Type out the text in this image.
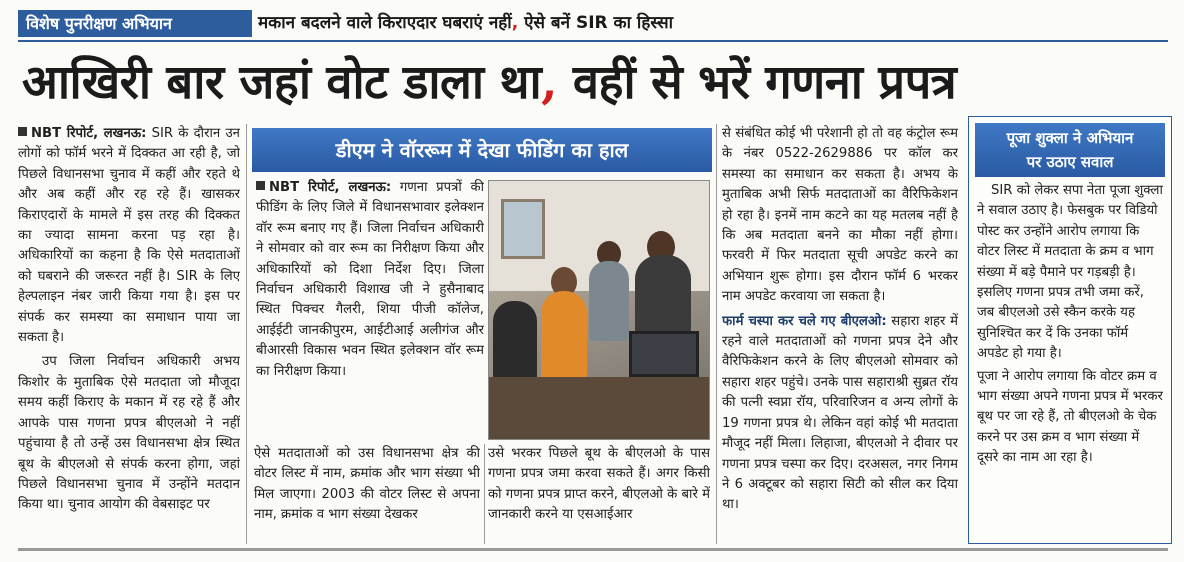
विशेष पुनरीक्षण अभियान	मकान बदलने वाले किराएदार घबराएं नहीं, ऐसे बनें SIR का हिस्सा
आखिरी बार जहां वोट डाला था, वहीं से भरें गणना प्रपत्र

NBT रिपोर्ट, लखनऊ: SIR के दौरान उन लोगों को फॉर्म भरने में दिक्कत आ रही है, जो पिछले विधानसभा चुनाव में कहीं और रहते थे और अब कहीं और रह रहे हैं। खासकर किराएदारों के मामले में इस तरह की दिक्कत का ज्यादा सामना करना पड़ रहा है। अधिकारियों का कहना है कि ऐसे मतदाताओं को घबराने की जरूरत नहीं है। SIR के लिए हेल्पलाइन नंबर जारी किया गया है। इस पर संपर्क कर समस्या का समाधान पाया जा सकता है।

उप जिला निर्वाचन अधिकारी अभय किशोर के मुताबिक ऐसे मतदाता जो मौजूदा समय कहीं किराए के मकान में रह रहे हैं और आपके पास गणना प्रपत्र बीएलओ ने नहीं पहुंचाया है तो उन्हें उस विधानसभा क्षेत्र स्थित बूथ के बीएलओ से संपर्क करना होगा, जहां पिछले विधानसभा चुनाव में उन्होंने मतदान किया था। चुनाव आयोग की वेबसाइट पर

डीएम ने वॉररूम में देखा फीडिंग का हाल

NBT रिपोर्ट, लखनऊ: गणना प्रपत्रों की फीडिंग के लिए जिले में विधानसभावार इलेक्शन वॉर रूम बनाए गए हैं। जिला निर्वाचन अधिकारी ने सोमवार को वार रूम का निरीक्षण किया और अधिकारियों को दिशा निर्देश दिए। जिला निर्वाचन अधिकारी विशाख जी ने हुसैनाबाद स्थित पिक्चर गैलरी, शिया पीजी कॉलेज, आईईटी जानकीपुरम, आईटीआई अलीगंज और बीआरसी विकास भवन स्थित इलेक्शन वॉर रूम का निरीक्षण किया।

ऐसे मतदाताओं को उस विधानसभा क्षेत्र की वोटर लिस्ट में नाम, क्रमांक और भाग संख्या भी मिल जाएगा। 2003 की वोटर लिस्ट से अपना नाम, क्रमांक व भाग संख्या देखकर

उसे भरकर पिछले बूथ के बीएलओ के पास गणना प्रपत्र जमा करवा सकते हैं। अगर किसी को गणना प्रपत्र प्राप्त करने, बीएलओ के बारे में जानकारी करने या एसआईआर

से संबंधित कोई भी परेशानी हो तो वह कंट्रोल रूम के नंबर 0522-2629886 पर कॉल कर समस्या का समाधान कर सकता है। अभय के मुताबिक अभी सिर्फ मतदाताओं का वैरिफिकेशन हो रहा है। इनमें नाम कटने का यह मतलब नहीं है कि अब मतदाता बनने का मौका नहीं होगा। फरवरी में फिर मतदाता सूची अपडेट करने का अभियान शुरू होगा। इस दौरान फॉर्म 6 भरकर नाम अपडेट करवाया जा सकता है।

फार्म चस्पा कर चले गए बीएलओ: सहारा शहर में रहने वाले मतदाताओं को गणना प्रपत्र देने और वैरिफिकेशन करने के लिए बीएलओ सोमवार को सहारा शहर पहुंचे। उनके पास सहाराश्री सुब्रत रॉय की पत्नी स्वप्ना रॉय, परिवारिजन व अन्य लोगों के 19 गणना प्रपत्र थे। लेकिन वहां कोई भी मतदाता मौजूद नहीं मिला। लिहाजा, बीएलओ ने दीवार पर गणना प्रपत्र चस्पा कर दिए। दरअसल, नगर निगम ने 6 अक्टूबर को सहारा सिटी को सील कर दिया था।

पूजा शुक्ला ने अभियान
पर उठाए सवाल

SIR को लेकर सपा नेता पूजा शुक्ला ने सवाल उठाए है। फेसबुक पर विडियो पोस्ट कर उन्होंने आरोप लगाया कि वोटर लिस्ट में मतदाता के क्रम व भाग संख्या में बड़े पैमाने पर गड़बड़ी है। इसलिए गणना प्रपत्र तभी जमा करें, जब बीएलओ उसे स्कैन करके यह सुनिश्चित कर दें कि उनका फॉर्म अपडेट हो गया है।

पूजा ने आरोप लगाया कि वोटर क्रम व भाग संख्या अपने गणना प्रपत्र में भरकर बूथ पर जा रहे हैं, तो बीएलओ के चेक करने पर उस क्रम व भाग संख्या में दूसरे का नाम आ रहा है।
